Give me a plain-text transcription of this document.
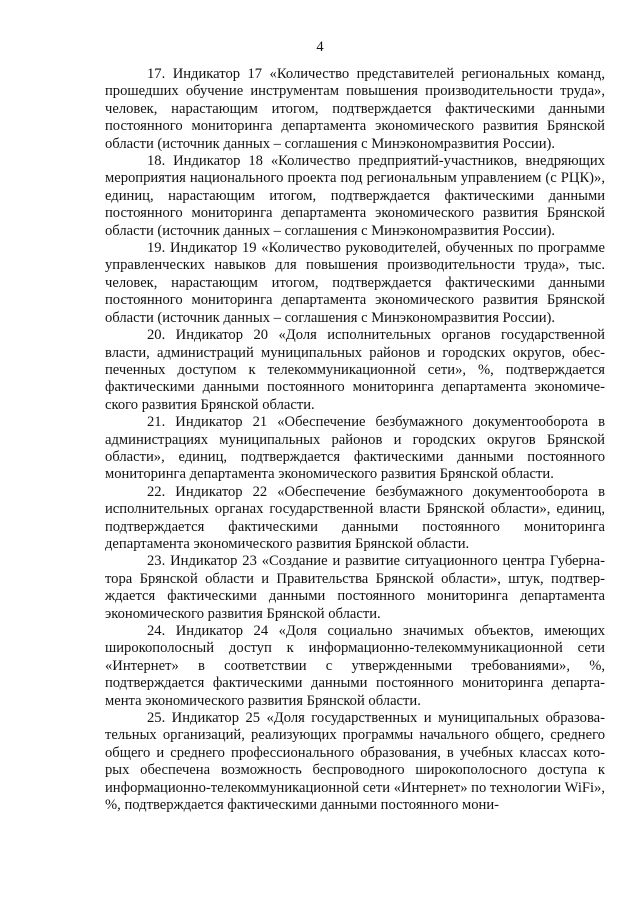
4

17. Индикатор 17 «Количество представителей региональных команд, прошедших обучение инструментам повышения производительности труда», человек, нарастающим итогом, подтверждается фактическими данными постоянного мониторинга департамента экономического развития Брянской области (источник данных – соглашения с Минэкономразвития России).

18. Индикатор 18 «Количество предприятий-участников, внедряющих мероприятия национального проекта под региональным управлением (с РЦК)», единиц, нарастающим итогом, подтверждается фактическими данными постоянного мониторинга департамента экономического развития Брянской области (источник данных – соглашения с Минэкономразвития России).

19. Индикатор 19 «Количество руководителей, обученных по программе управленческих навыков для повышения производительности труда», тыс. человек, нарастающим итогом, подтверждается фактическими данными постоянного мониторинга департамента экономического развития Брянской области (источник данных – соглашения с Минэкономразвития России).

20. Индикатор 20 «Доля исполнительных органов государственной власти, администраций муниципальных районов и городских округов, обеспеченных доступом к телекоммуникационной сети», %, подтверждается фактическими данными постоянного мониторинга департамента экономического развития Брянской области.

21. Индикатор 21 «Обеспечение безбумажного документооборота в администрациях муниципальных районов и городских округов Брянской области», единиц, подтверждается фактическими данными постоянного мониторинга департамента экономического развития Брянской области.

22. Индикатор 22 «Обеспечение безбумажного документооборота в исполнительных органах государственной власти Брянской области», единиц, подтверждается фактическими данными постоянного мониторинга департамента экономического развития Брянской области.

23. Индикатор 23 «Создание и развитие ситуационного центра Губернатора Брянской области и Правительства Брянской области», штук, подтверждается фактическими данными постоянного мониторинга департамента экономического развития Брянской области.

24. Индикатор 24 «Доля социально значимых объектов, имеющих широкополосный доступ к информационно-телекоммуникационной сети «Интернет» в соответствии с утвержденными требованиями», %, подтверждается фактическими данными постоянного мониторинга департамента экономического развития Брянской области.

25. Индикатор 25 «Доля государственных и муниципальных образовательных организаций, реализующих программы начального общего, среднего общего и среднего профессионального образования, в учебных классах которых обеспечена возможность беспроводного широкополосного доступа к информационно-телекоммуникационной сети «Интернет» по технологии WiFi», %, подтверждается фактическими данными постоянного мони-
